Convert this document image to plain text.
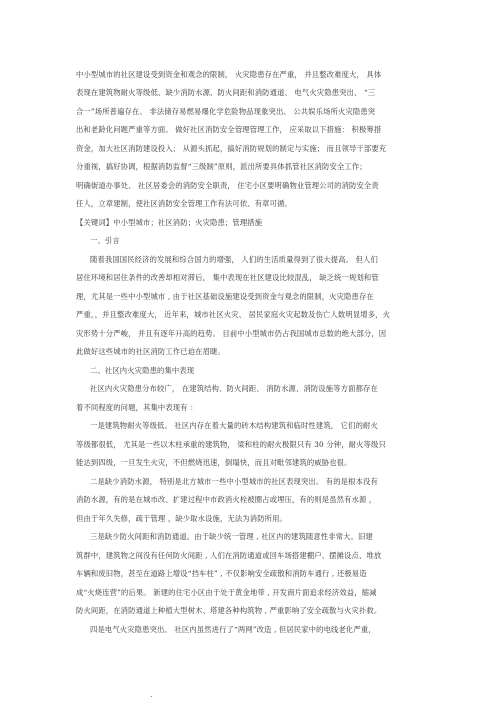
中小型城市的社区建设受到资金和观念的限制， 火灾隐患存在严重， 并且整改难度大， 具体
表现在建筑物耐火等级低、缺少消防水源、防火间距和消防通道、 电气火灾隐患突出、 “三
合一”场所普遍存在、 非法储存易燃易爆化学危险物品现象突出、 公共娱乐场所火灾隐患突
出和老龄化问题严重等方面。 做好社区消防安全管理管理工作， 应采取以下措施： 积极筹措
资金，加大社区消防建设投入； 从源头抓起，搞好消防规划的制定与实施； 而且领导干部要充
分重视，搞好协调，根据消防监督“三级制”原则，派出所要具体抓管社区消防安全工作；
明确街道办事处、 社区居委会的消防安全职责， 住宅小区要明确物业管理公司的消防安全责
任人，立章建制，使社区消防安全管理工作有法可依、有章可循。
【关键词】中小型城市；社区消防；火灾隐患；管理措施
一、引言
随着我国国民经济的发展和综合国力的增强， 人们的生活质量得到了很大提高。 但人们
居住环境和居住条件的改善却相对滞后， 集中表现在社区建设比较混乱， 缺乏统一规划和管
理，尤其是一些中小型城市 , 由于社区基础设施建设受到资金与观念的限制，火灾隐患存在
严重，，并且整改难度大， 近年来，城市社区火灾、 居民家庭火灾起数及伤亡人数明显增多，火
灾形势十分严峻， 并且有逐年升高的趋势。 目前中小型城市仍占我国城市总数的绝大部分，因
此做好这些城市的社区消防工作已迫在眉睫。
二、社区内火灾隐患的集中表现
社区内火灾隐患分布较广， 在建筑结构、防火间距、 消防水源、消防设施等方面都存在
着不同程度的问题，其集中表现有 ：
一是建筑物耐火等级低。 社区内存在着大量的砖木结构建筑和临时性建筑， 它们的耐火
等级都很低， 尤其是一些以木柱承重的建筑物， 梁和柱的耐火极限只有 30 分钟，耐火等级只
能达到四级，一旦发生火灾，不但燃烧迅速，倒塌快，而且对毗邻建筑的威胁也很。
二是缺少消防水源， 特别是北方城市一些中小型城市的社区表现突出。 有的是根本没有
消防水源，有的是在城市改、扩建过程中市政消火栓被圈占或埋压，有的则是虽然有水源 ，
但由于年久失修，疏于管理 ，缺少取水设施，无法为消防所用。
三是缺少防火间距和消防通道。由于缺少统一管理 , 社区内的建筑随意性非常大。旧建
筑群中，建筑物之间没有任何防火间距 , 人们在消防通道或回车场搭建棚户、摆摊设点、堆放
车辆和废旧物，甚至在道路上增设“挡车柱” , 不仅影响安全疏散和消防车通行 , 还极易造
成“火烧连营”的后果。 新建的住宅小区由于处于黄金地带 , 开发商片面追求经济效益，缩减
防火间距，在消防通道上种植大型树木、塔建各种构筑物 , 严重影响了安全疏散与火灾扑救。
四是电气火灾隐患突出。 社区内虽然进行了“两网”改造 , 但居民家中的电线老化严重，
.
